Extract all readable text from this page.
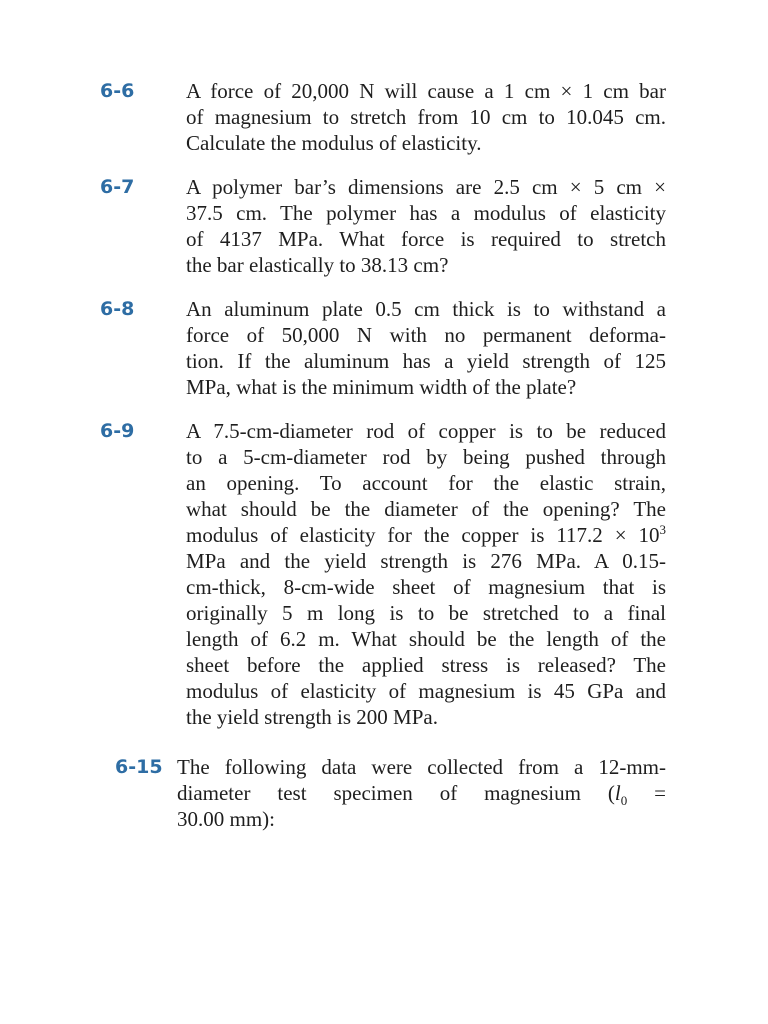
6-6	A force of 20,000 N will cause a 1 cm × 1 cm bar
of magnesium to stretch from 10 cm to 10.045 cm.
Calculate the modulus of elasticity.
6-7	A polymer bar’s dimensions are 2.5 cm × 5 cm ×
37.5 cm. The polymer has a modulus of elasticity
of 4137 MPa. What force is required to stretch
the bar elastically to 38.13 cm?
6-8	An aluminum plate 0.5 cm thick is to withstand a
force of 50,000 N with no permanent deforma-
tion. If the aluminum has a yield strength of 125
MPa, what is the minimum width of the plate?
6-9	A 7.5-cm-diameter rod of copper is to be reduced
to a 5-cm-diameter rod by being pushed through
an opening. To account for the elastic strain,
what should be the diameter of the opening? The
modulus of elasticity for the copper is $117.2 \times 10^3$
MPa and the yield strength is 276 MPa. A 0.15-
cm-thick, 8-cm-wide sheet of magnesium that is
originally 5 m long is to be stretched to a final
length of 6.2 m. What should be the length of the
sheet before the applied stress is released? The
modulus of elasticity of magnesium is 45 GPa and
the yield strength is 200 MPa.
6-15 The following data were collected from a 12-mm-
diameter test specimen of magnesium ($l_0$ =
30.00 mm):
